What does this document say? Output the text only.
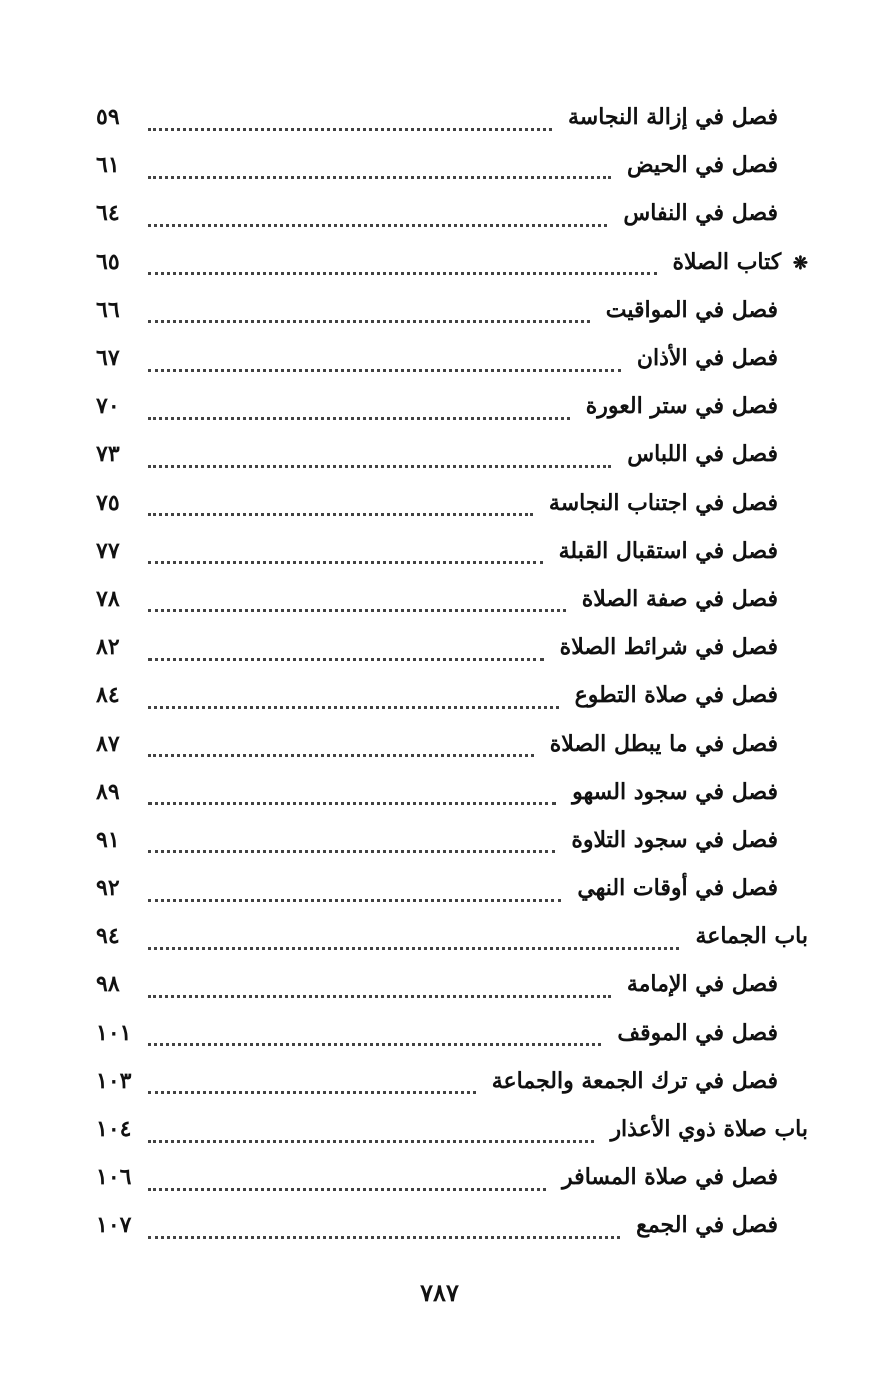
فصل في إزالة النجاسة
٥٩
فصل في الحيض
٦١
فصل في النفاس
٦٤
❋ كتاب الصلاة
٦٥
فصل في المواقيت
٦٦
فصل في الأذان
٦٧
فصل في ستر العورة
٧٠
فصل في اللباس
٧٣
فصل في اجتناب النجاسة
٧٥
فصل في استقبال القبلة
٧٧
فصل في صفة الصلاة
٧٨
فصل في شرائط الصلاة
٨٢
فصل في صلاة التطوع
٨٤
فصل في ما يبطل الصلاة
٨٧
فصل في سجود السهو
٨٩
فصل في سجود التلاوة
٩١
فصل في أوقات النهي
٩٢
باب الجماعة
٩٤
فصل في الإمامة
٩٨
فصل في الموقف
١٠١
فصل في ترك الجمعة والجماعة
١٠٣
باب صلاة ذوي الأعذار
١٠٤
فصل في صلاة المسافر
١٠٦
فصل في الجمع
١٠٧
٧٨٧
